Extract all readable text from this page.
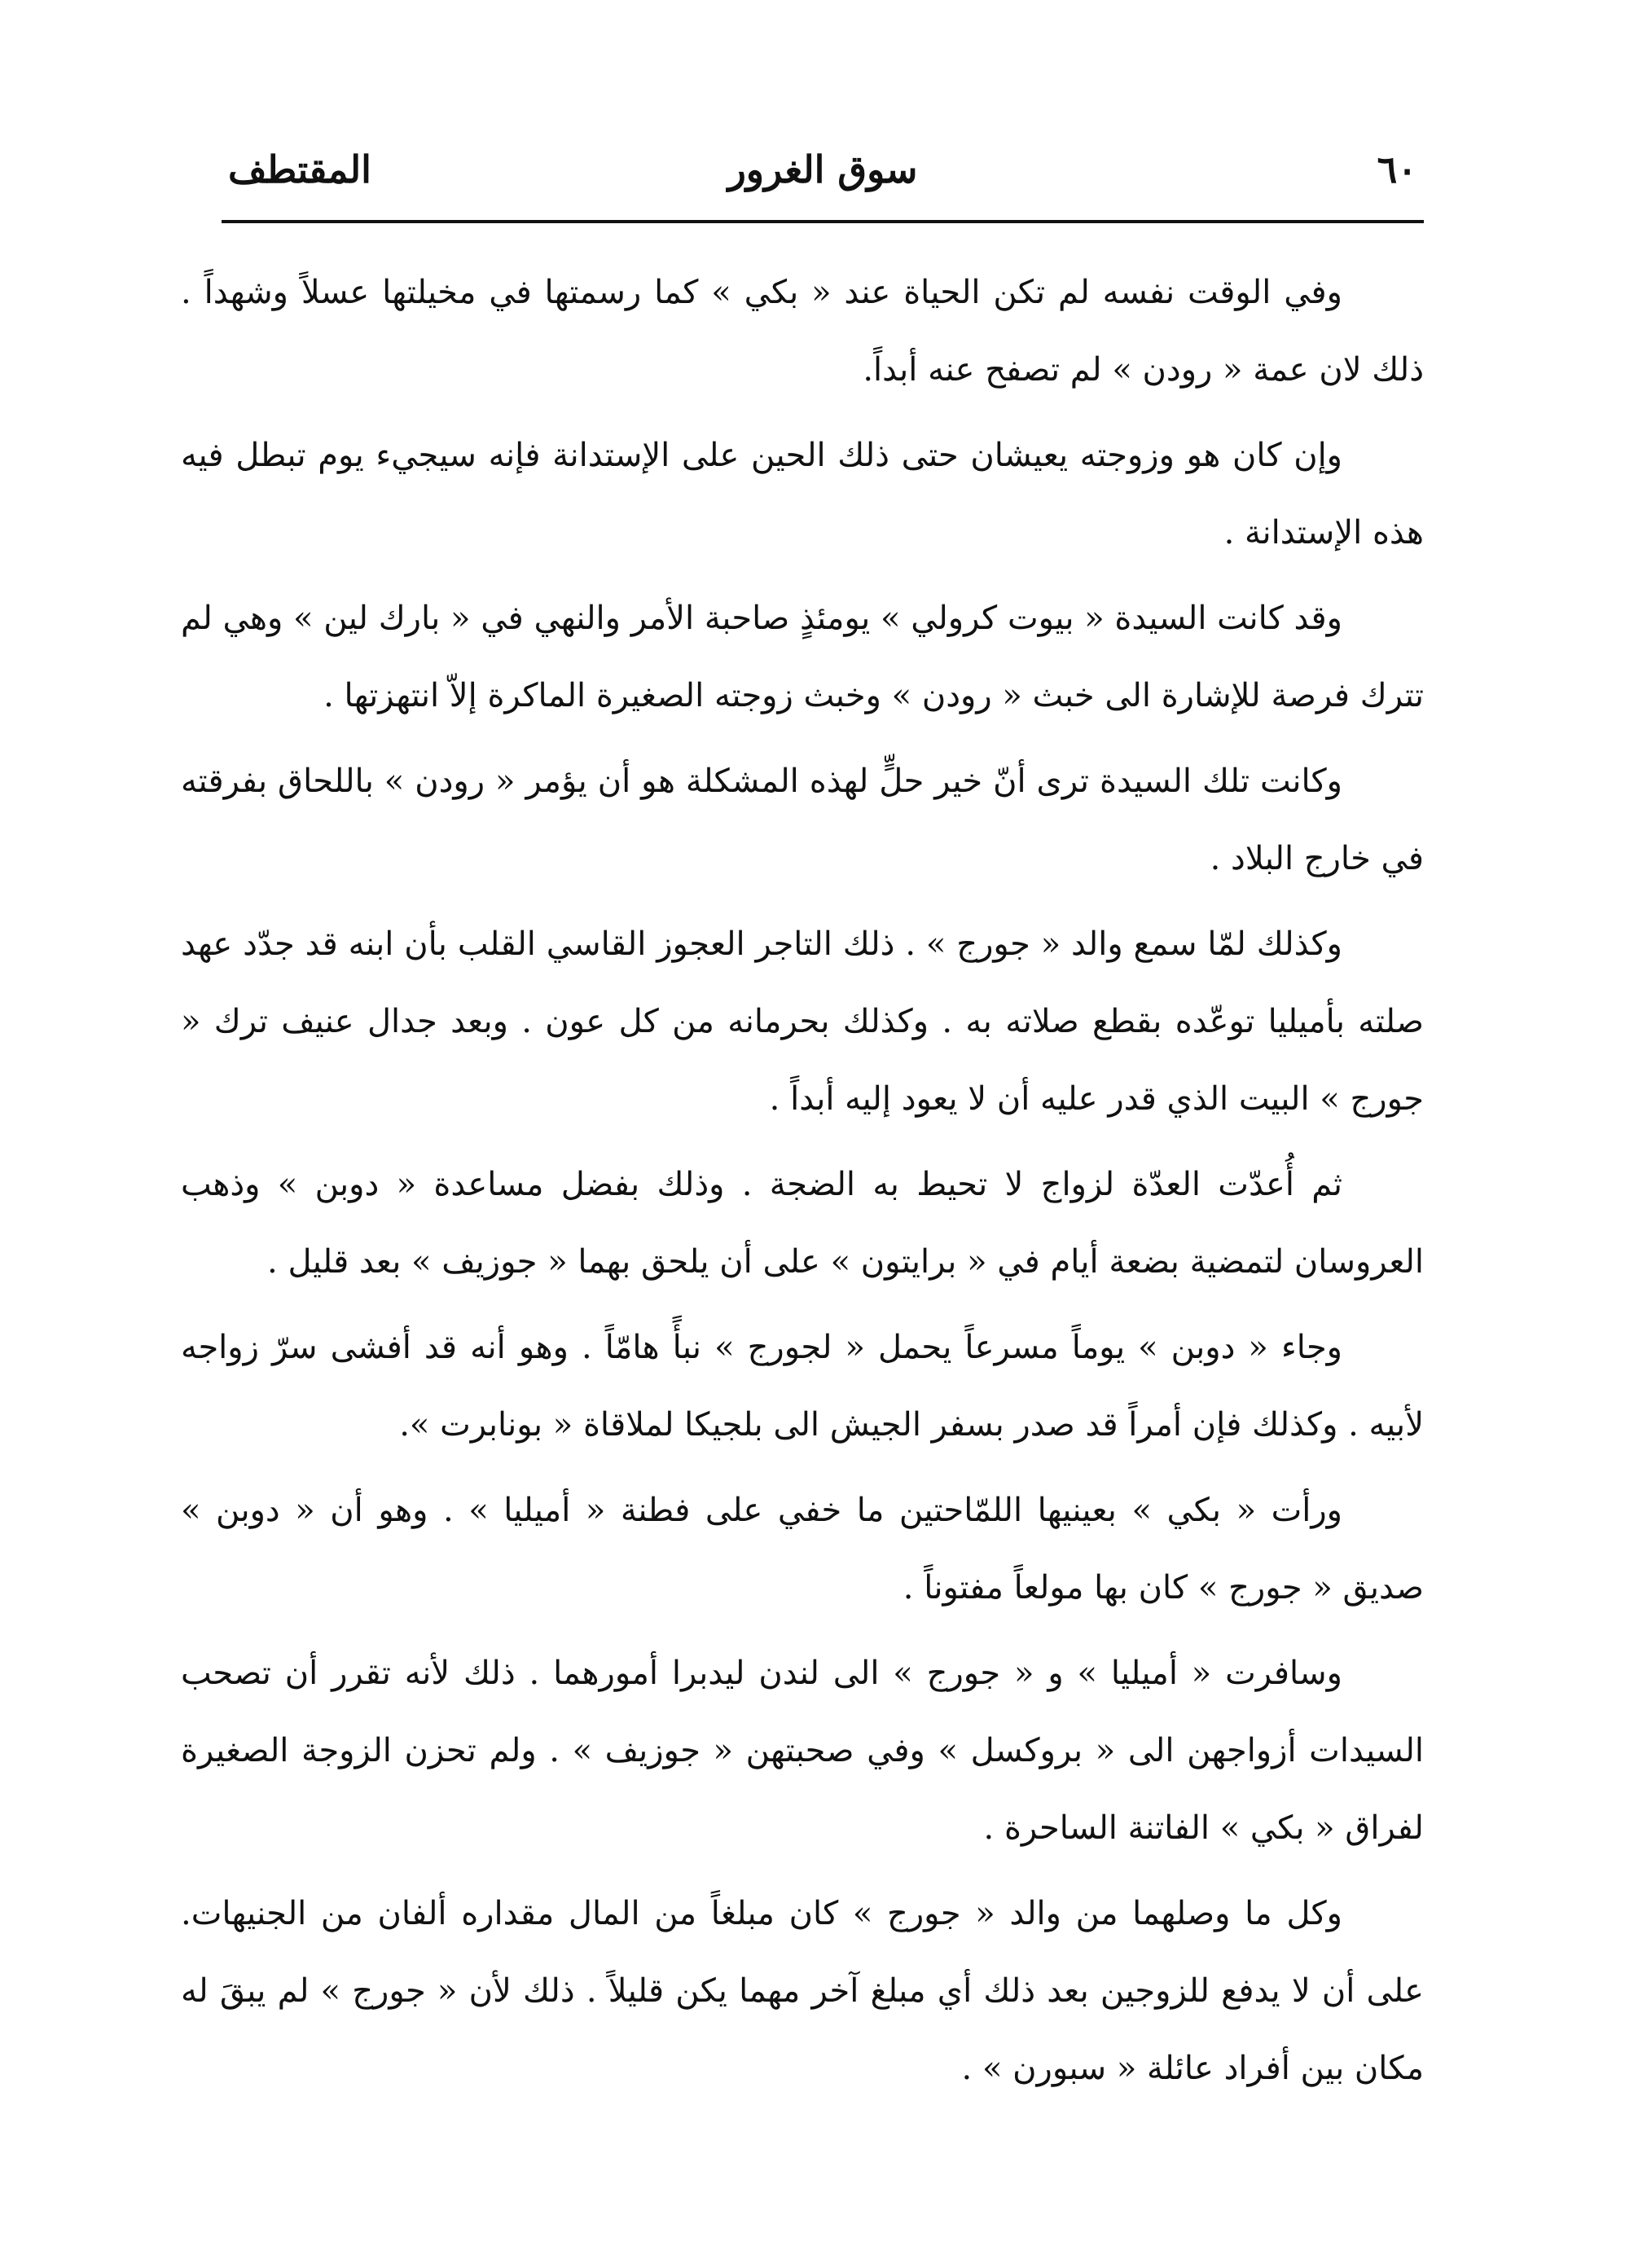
٦٠
سوق الغرور
المقتطف

وفي الوقت نفسه لم تكن الحياة عند « بكي » كما رسمتها في مخيلتها عسلاً وشهداً . ذلك لان عمة « رودن » لم تصفح عنه أبداً.

وإن كان هو وزوجته يعيشان حتى ذلك الحين على الإستدانة فإنه سيجيء يوم تبطل فيه هذه الإستدانة .

وقد كانت السيدة « بيوت كرولي » يومئذٍ صاحبة الأمر والنهي في « بارك لين » وهي لم تترك فرصة للإشارة الى خبث « رودن » وخبث زوجته الصغيرة الماكرة إلاّ انتهزتها .

وكانت تلك السيدة ترى أنّ خير حلٍّ لهذه المشكلة هو أن يؤمر « رودن » باللحاق بفرقته في خارج البلاد .

وكذلك لمّا سمع والد « جورج » . ذلك التاجر العجوز القاسي القلب بأن ابنه قد جدّد عهد صلته بأميليا توعّده بقطع صلاته به . وكذلك بحرمانه من كل عون . وبعد جدال عنيف ترك « جورج » البيت الذي قدر عليه أن لا يعود إليه أبداً .

ثم أُعدّت العدّة لزواج لا تحيط به الضجة . وذلك بفضل مساعدة « دوبن » وذهب العروسان لتمضية بضعة أيام في « برايتون » على أن يلحق بهما « جوزيف » بعد قليل .

وجاء « دوبن » يوماً مسرعاً يحمل « لجورج » نبأً هامّاً . وهو أنه قد أفشى سرّ زواجه لأبيه . وكذلك فإن أمراً قد صدر بسفر الجيش الى بلجيكا لملاقاة « بونابرت ».

ورأت « بكي » بعينيها اللمّاحتين ما خفي على فطنة « أميليا » . وهو أن « دوبن » صديق « جورج » كان بها مولعاً مفتوناً .

وسافرت « أميليا » و « جورج » الى لندن ليدبرا أمورهما . ذلك لأنه تقرر أن تصحب السيدات أزواجهن الى « بروكسل » وفي صحبتهن « جوزيف » . ولم تحزن الزوجة الصغيرة لفراق « بكي » الفاتنة الساحرة .

وكل ما وصلهما من والد « جورج » كان مبلغاً من المال مقداره ألفان من الجنيهات. على أن لا يدفع للزوجين بعد ذلك أي مبلغ آخر مهما يكن قليلاً . ذلك لأن « جورج » لم يبقَ له مكان بين أفراد عائلة « سبورن » .
